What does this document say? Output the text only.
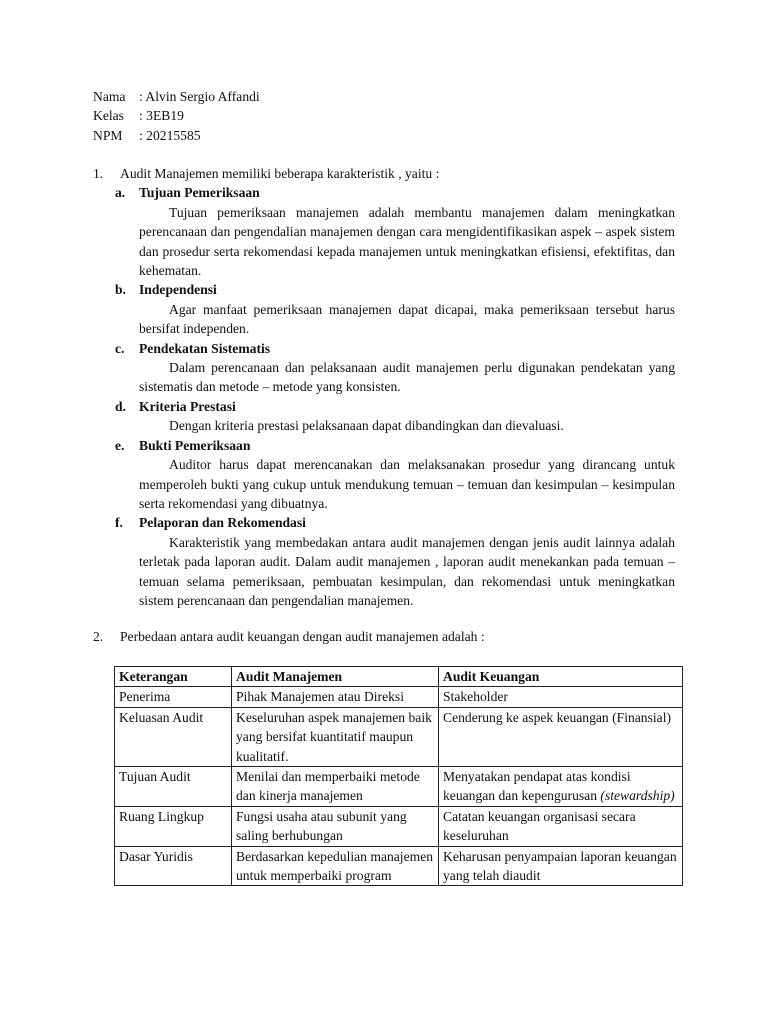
Nama : Alvin Sergio Affandi
Kelas	: 3EB19
NPM	: 20215585
1.	Audit Manajemen memiliki beberapa karakteristik , yaitu :
a.	Tujuan Pemeriksaan
Tujuan pemeriksaan manajemen adalah membantu manajemen dalam meningkatkan perencanaan dan pengendalian manajemen dengan cara mengidentifikasikan aspek – aspek sistem dan prosedur serta rekomendasi kepada manajemen untuk meningkatkan efisiensi, efektifitas, dan kehematan.
b. Independensi
Agar manfaat pemeriksaan manajemen dapat dicapai, maka pemeriksaan tersebut harus bersifat independen.
c.	Pendekatan Sistematis
Dalam perencanaan dan pelaksanaan audit manajemen perlu digunakan pendekatan yang sistematis dan metode – metode yang konsisten.
d. Kriteria Prestasi
Dengan kriteria prestasi pelaksanaan dapat dibandingkan dan dievaluasi.
e.	Bukti Pemeriksaan
Auditor harus dapat merencanakan dan melaksanakan prosedur yang dirancang untuk memperoleh bukti yang cukup untuk mendukung temuan – temuan dan kesimpulan – kesimpulan serta rekomendasi yang dibuatnya.
f.	Pelaporan dan Rekomendasi
Karakteristik yang membedakan antara audit manajemen dengan jenis audit lainnya adalah terletak pada laporan audit. Dalam audit manajemen , laporan audit menekankan pada temuan – temuan selama pemeriksaan, pembuatan kesimpulan, dan rekomendasi untuk meningkatkan sistem perencanaan dan pengendalian manajemen.
2.	Perbedaan antara audit keuangan dengan audit manajemen adalah :
Keterangan	Audit Manajemen	Audit Keuangan
Penerima	Pihak Manajemen atau Direksi	Stakeholder
Keluasan Audit	Keseluruhan aspek manajemen baik yang bersifat kuantitatif maupun kualitatif.	Cenderung ke aspek keuangan (Finansial)
Tujuan Audit	Menilai dan memperbaiki metode dan kinerja manajemen	Menyatakan pendapat atas kondisi keuangan dan kepengurusan (stewardship)
Ruang Lingkup	Fungsi usaha atau subunit yang saling berhubungan	Catatan keuangan organisasi secara keseluruhan
Dasar Yuridis	Berdasarkan kepedulian manajemen untuk memperbaiki program	Keharusan penyampaian laporan keuangan yang telah diaudit
